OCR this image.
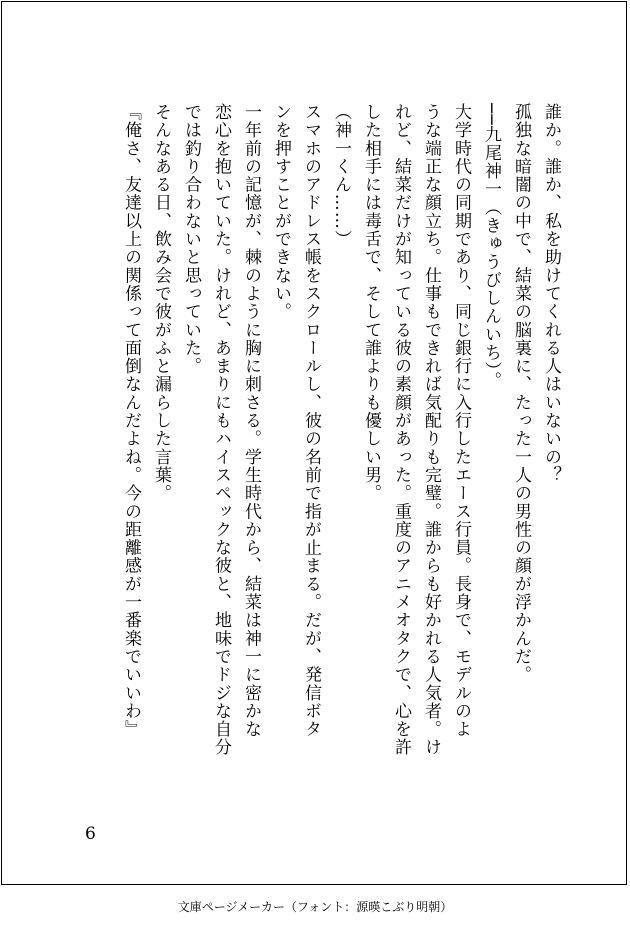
誰か。誰か、私を助けてくれる人はいないの？
孤独な暗闇の中で、結菜の脳裏に、たった一人の男性の顔が浮かんだ。
──九尾神一（きゅうびしんいち）。
大学時代の同期であり、同じ銀行に入行したエース行員。長身で、モデルのよ
うな端正な顔立ち。仕事もできれば気配りも完璧。誰からも好かれる人気者。け
れど、結菜だけが知っている彼の素顔があった。重度のアニメオタクで、心を許
した相手には毒舌で、そして誰よりも優しい男。
（神一くん……）
スマホのアドレス帳をスクロールし、彼の名前で指が止まる。だが、発信ボタ
ンを押すことができない。
一年前の記憶が、棘のように胸に刺さる。学生時代から、結菜は神一に密かな
恋心を抱いていた。けれど、あまりにもハイスペックな彼と、地味でドジな自分
では釣り合わないと思っていた。
そんなある日、飲み会で彼がふと漏らした言葉。
『俺さ、友達以上の関係って面倒なんだよね。今の距離感が一番楽でいいわ』
6
文庫ページメーカー（フォント：源暎こぶり明朝）
